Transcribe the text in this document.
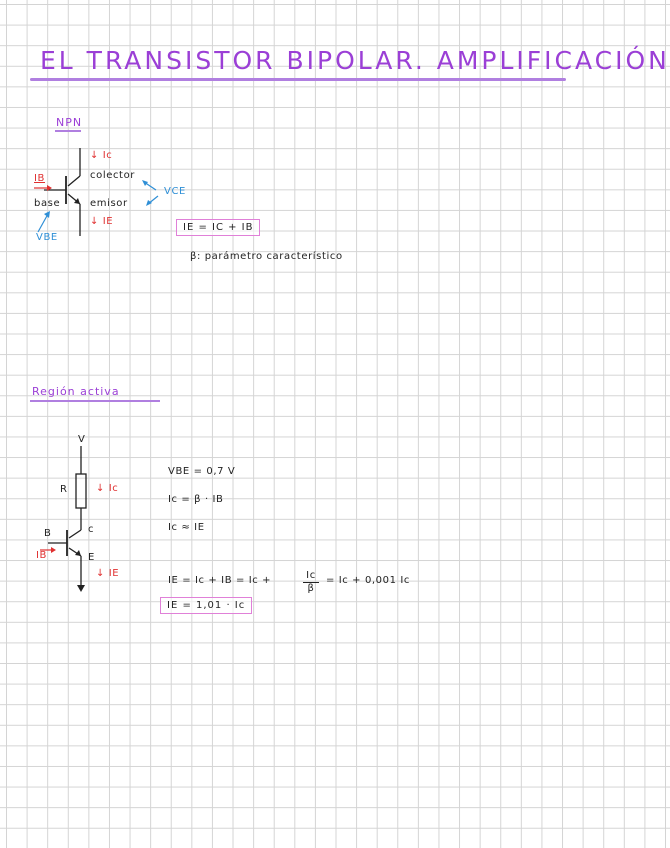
EL TRANSISTOR BIPOLAR. AMPLIFICACIÓN
NPN
↓ Ic
IB
↓ IE
colector
emisor
base
VCE
VBE
IE = IC + IB
β: parámetro característico
Región activa
V
R	↓ Ic
B	c
E
IB
↓ IE
VBE = 0,7 V
Ic = β · IB
Ic ≈ IE
IE = Ic + IB = Ic +	$\frac{Ic}{\beta} = Ic + 0,001$ Ic
IE = 1,01 · Ic
